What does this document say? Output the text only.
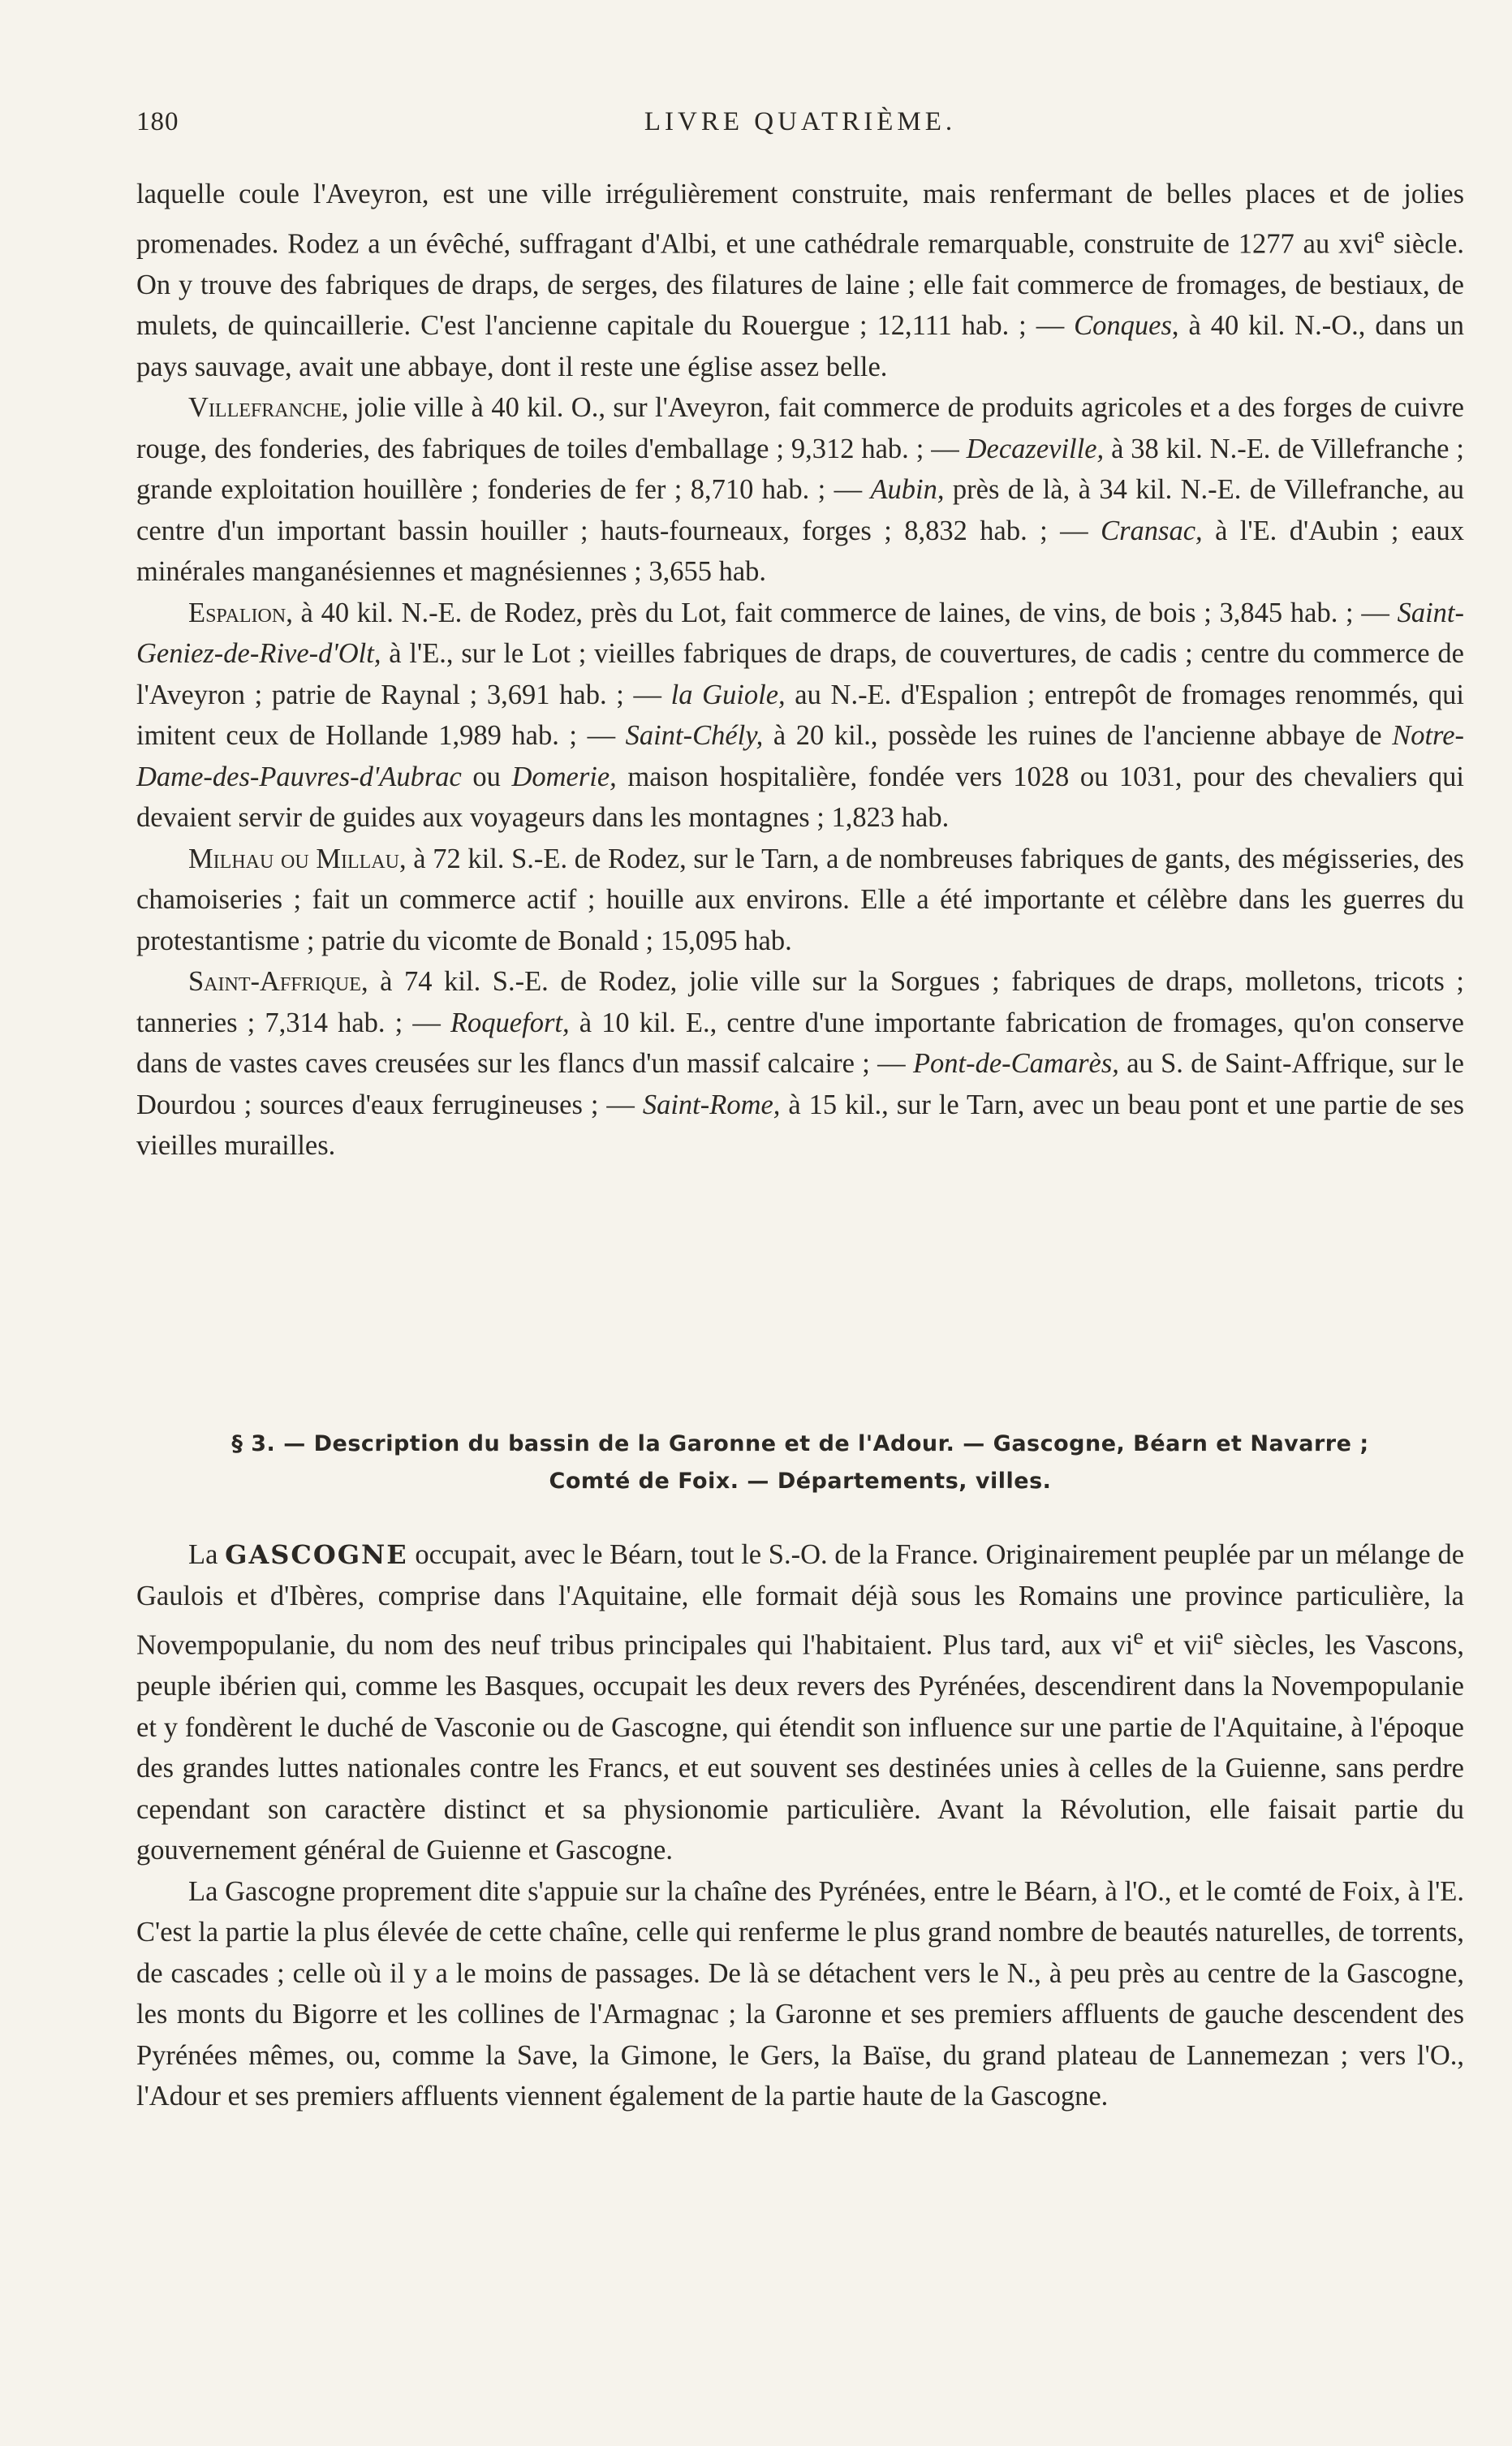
180	LIVRE QUATRIÈME.

laquelle coule l'Aveyron, est une ville irrégulièrement construite, mais renfermant de belles places et de jolies promenades. Rodez a un évêché, suffragant d'Albi, et une cathédrale remarquable, construite de 1277 au xvi$^e$ siècle. On y trouve des fabriques de draps, de serges, des filatures de laine ; elle fait commerce de fromages, de bestiaux, de mulets, de quincaillerie. C'est l'ancienne capitale du Rouergue ; 12,111 hab. ; — Conques, à 40 kil. N.-O., dans un pays sauvage, avait une abbaye, dont il reste une église assez belle.

Villefranche, jolie ville à 40 kil. O., sur l'Aveyron, fait commerce de produits agricoles et a des forges de cuivre rouge, des fonderies, des fabriques de toiles d'emballage ; 9,312 hab. ; — Decazeville, à 38 kil. N.-E. de Villefranche ; grande exploitation houillère ; fonderies de fer ; 8,710 hab. ; — Aubin, près de là, à 34 kil. N.-E. de Villefranche, au centre d'un important bassin houiller ; hauts-fourneaux, forges ; 8,832 hab. ; — Cransac, à l'E. d'Aubin ; eaux minérales manganésiennes et magnésiennes ; 3,655 hab.

Espalion, à 40 kil. N.-E. de Rodez, près du Lot, fait commerce de laines, de vins, de bois ; 3,845 hab. ; — Saint-Geniez-de-Rive-d'Olt, à l'E., sur le Lot ; vieilles fabriques de draps, de couvertures, de cadis ; centre du commerce de l'Aveyron ; patrie de Raynal ; 3,691 hab. ; — la Guiole, au N.-E. d'Espalion ; entrepôt de fromages renommés, qui imitent ceux de Hollande 1,989 hab. ; — Saint-Chély, à 20 kil., possède les ruines de l'ancienne abbaye de Notre-Dame-des-Pauvres-d'Aubrac ou Domerie, maison hospitalière, fondée vers 1028 ou 1031, pour des chevaliers qui devaient servir de guides aux voyageurs dans les montagnes ; 1,823 hab.

Milhau ou Millau, à 72 kil. S.-E. de Rodez, sur le Tarn, a de nombreuses fabriques de gants, des mégisseries, des chamoiseries ; fait un commerce actif ; houille aux environs. Elle a été importante et célèbre dans les guerres du protestantisme ; patrie du vicomte de Bonald ; 15,095 hab.

Saint-Affrique, à 74 kil. S.-E. de Rodez, jolie ville sur la Sorgues ; fabriques de draps, molletons, tricots ; tanneries ; 7,314 hab. ; — Roquefort, à 10 kil. E., centre d'une importante fabrication de fromages, qu'on conserve dans de vastes caves creusées sur les flancs d'un massif calcaire ; — Pont-de-Camarès, au S. de Saint-Affrique, sur le Dourdou ; sources d'eaux ferrugineuses ; — Saint-Rome, à 15 kil., sur le Tarn, avec un beau pont et une partie de ses vieilles murailles.

§ 3. — Description du bassin de la Garonne et de l'Adour. — Gascogne, Béarn et Navarre ;
Comté de Foix. — Départements, villes.

La GASCOGNE occupait, avec le Béarn, tout le S.-O. de la France. Originairement peuplée par un mélange de Gaulois et d'Ibères, comprise dans l'Aquitaine, elle formait déjà sous les Romains une province particulière, la Novempopulanie, du nom des neuf tribus principales qui l'habitaient. Plus tard, aux $vi^e$ et vii$^e$ siècles, les Vascons, peuple ibérien qui, comme les Basques, occupait les deux revers des Pyrénées, descendirent dans la Novempopulanie et y fondèrent le duché de Vasconie ou de Gascogne, qui étendit son influence sur une partie de l'Aquitaine, à l'époque des grandes luttes nationales contre les Francs, et eut souvent ses destinées unies à celles de la Guienne, sans perdre cependant son caractère distinct et sa physionomie particulière. Avant la Révolution, elle faisait partie du gouvernement général de Guienne et Gascogne.

La Gascogne proprement dite s'appuie sur la chaîne des Pyrénées, entre le Béarn, à l'O., et le comté de Foix, à l'E. C'est la partie la plus élevée de cette chaîne, celle qui renferme le plus grand nombre de beautés naturelles, de torrents, de cascades ; celle où il y a le moins de passages. De là se détachent vers le N., à peu près au centre de la Gascogne, les monts du Bigorre et les collines de l'Armagnac ; la Garonne et ses premiers affluents de gauche descendent des Pyrénées mêmes, ou, comme la Save, la Gimone, le Gers, la Baïse, du grand plateau de Lannemezan ; vers l'O., l'Adour et ses premiers affluents viennent également de la partie haute de la Gascogne.
